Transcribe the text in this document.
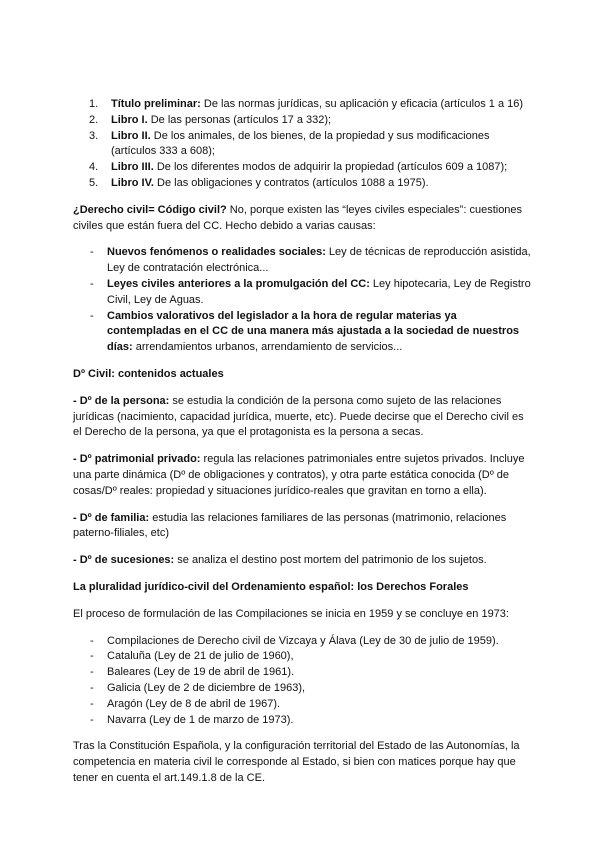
1. Título preliminar: De las normas jurídicas, su aplicación y eficacia (artículos 1 a 16)
2. Libro I. De las personas (artículos 17 a 332);
3. Libro II. De los animales, de los bienes, de la propiedad y sus modificaciones (artículos 333 a 608);
4. Libro III. De los diferentes modos de adquirir la propiedad (artículos 609 a 1087);
5. Libro IV. De las obligaciones y contratos (artículos 1088 a 1975).

¿Derecho civil= Código civil? No, porque existen las “leyes civiles especiales”: cuestiones civiles que están fuera del CC. Hecho debido a varias causas:

- Nuevos fenómenos o realidades sociales: Ley de técnicas de reproducción asistida, Ley de contratación electrónica...
- Leyes civiles anteriores a la promulgación del CC: Ley hipotecaria, Ley de Registro Civil, Ley de Aguas.
- Cambios valorativos del legislador a la hora de regular materias ya contempladas en el CC de una manera más ajustada a la sociedad de nuestros días: arrendamientos urbanos, arrendamiento de servicios...

Dº Civil: contenidos actuales

- Dº de la persona: se estudia la condición de la persona como sujeto de las relaciones jurídicas (nacimiento, capacidad jurídica, muerte, etc). Puede decirse que el Derecho civil es el Derecho de la persona, ya que el protagonista es la persona a secas.

- Dº patrimonial privado: regula las relaciones patrimoniales entre sujetos privados. Incluye una parte dinámica (Dº de obligaciones y contratos), y otra parte estática conocida (Dº de cosas/Dº reales: propiedad y situaciones jurídico-reales que gravitan en torno a ella).

- Dº de familia: estudia las relaciones familiares de las personas (matrimonio, relaciones paterno-filiales, etc)

- Dº de sucesiones: se analiza el destino post mortem del patrimonio de los sujetos.

La pluralidad jurídico-civil del Ordenamiento español: los Derechos Forales

El proceso de formulación de las Compilaciones se inicia en 1959 y se concluye en 1973:

- Compilaciones de Derecho civil de Vizcaya y Álava (Ley de 30 de julio de 1959).
- Cataluña (Ley de 21 de julio de 1960),
- Baleares (Ley de 19 de abril de 1961).
- Galicia (Ley de 2 de diciembre de 1963),
- Aragón (Ley de 8 de abril de 1967).
- Navarra (Ley de 1 de marzo de 1973).

Tras la Constitución Española, y la configuración territorial del Estado de las Autonomías, la competencia en materia civil le corresponde al Estado, si bien con matices porque hay que tener en cuenta el art.149.1.8 de la CE.
